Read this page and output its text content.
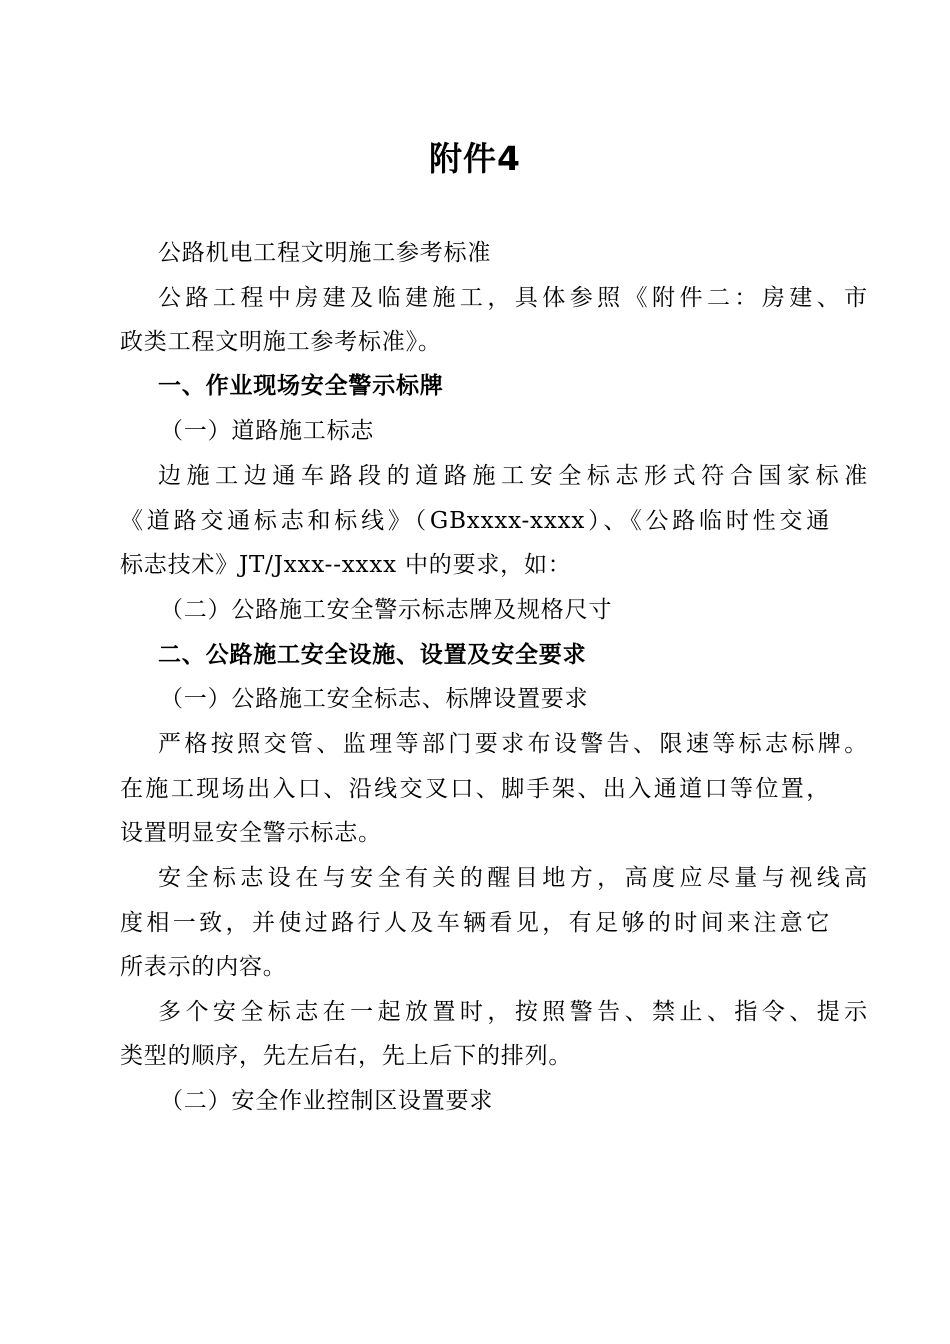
附件4
公路机电工程文明施工参考标准
公路工程中房建及临建施工，具体参照《附件二：房建、市
政类工程文明施工参考标准》。
一、作业现场安全警示标牌
（一）道路施工标志
边施工边通车路段的道路施工安全标志形式符合国家标准
《道路交通标志和标线》（GBxxxx-xxxx）、《公路临时性交通
标志技术》JT/Jxxx--xxxx 中的要求，如：
（二）公路施工安全警示标志牌及规格尺寸
二、公路施工安全设施、设置及安全要求
（一）公路施工安全标志、标牌设置要求
严格按照交管、监理等部门要求布设警告、限速等标志标牌。
在施工现场出入口、沿线交叉口、脚手架、出入通道口等位置，
设置明显安全警示标志。
安全标志设在与安全有关的醒目地方，高度应尽量与视线高
度相一致，并使过路行人及车辆看见，有足够的时间来注意它
所表示的内容。
多个安全标志在一起放置时，按照警告、禁止、指令、提示
类型的顺序，先左后右，先上后下的排列。
（二）安全作业控制区设置要求
